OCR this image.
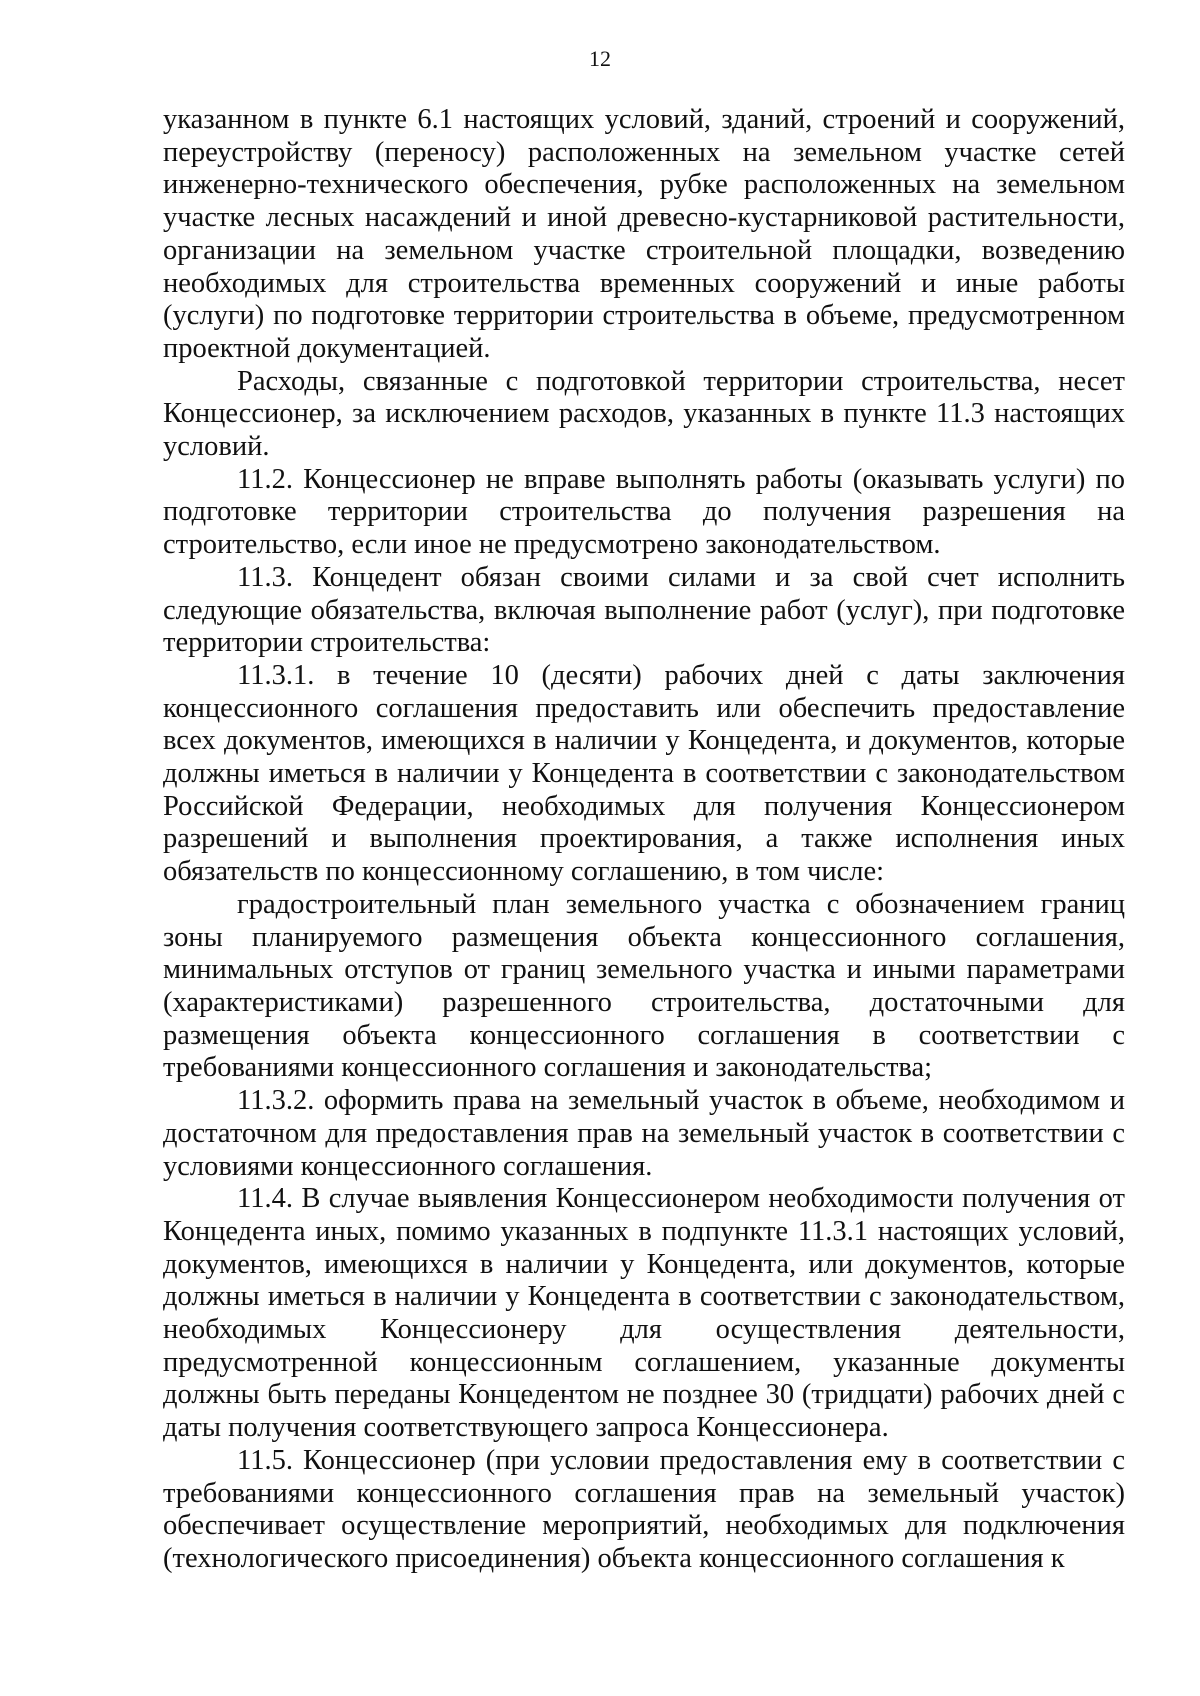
12

указанном в пункте 6.1 настоящих условий, зданий, строений и сооружений, переустройству (переносу) расположенных на земельном участке сетей инженерно-технического обеспечения, рубке расположенных на земельном участке лесных насаждений и иной древесно-кустарниковой растительности, организации на земельном участке строительной площадки, возведению необходимых для строительства временных сооружений и иные работы (услуги) по подготовке территории строительства в объеме, предусмотренном проектной документацией.

Расходы, связанные с подготовкой территории строительства, несет Концессионер, за исключением расходов, указанных в пункте 11.3 настоящих условий.

11.2. Концессионер не вправе выполнять работы (оказывать услуги) по подготовке территории строительства до получения разрешения на строительство, если иное не предусмотрено законодательством.

11.3. Концедент обязан своими силами и за свой счет исполнить следующие обязательства, включая выполнение работ (услуг), при подготовке территории строительства:

11.3.1. в течение 10 (десяти) рабочих дней с даты заключения концессионного соглашения предоставить или обеспечить предоставление всех документов, имеющихся в наличии у Концедента, и документов, которые должны иметься в наличии у Концедента в соответствии с законодательством Российской Федерации, необходимых для получения Концессионером разрешений и выполнения проектирования, а также исполнения иных обязательств по концессионному соглашению, в том числе:

градостроительный план земельного участка с обозначением границ зоны планируемого размещения объекта концессионного соглашения, минимальных отступов от границ земельного участка и иными параметрами (характеристиками) разрешенного строительства, достаточными для размещения объекта концессионного соглашения в соответствии с требованиями концессионного соглашения и законодательства;

11.3.2. оформить права на земельный участок в объеме, необходимом и достаточном для предоставления прав на земельный участок в соответствии с условиями концессионного соглашения.

11.4. В случае выявления Концессионером необходимости получения от Концедента иных, помимо указанных в подпункте 11.3.1 настоящих условий, документов, имеющихся в наличии у Концедента, или документов, которые должны иметься в наличии у Концедента в соответствии с законодательством, необходимых Концессионеру для осуществления деятельности, предусмотренной концессионным соглашением, указанные документы должны быть переданы Концедентом не позднее 30 (тридцати) рабочих дней с даты получения соответствующего запроса Концессионера.

11.5. Концессионер (при условии предоставления ему в соответствии с требованиями концессионного соглашения прав на земельный участок) обеспечивает осуществление мероприятий, необходимых для подключения (технологического присоединения) объекта концессионного соглашения к
